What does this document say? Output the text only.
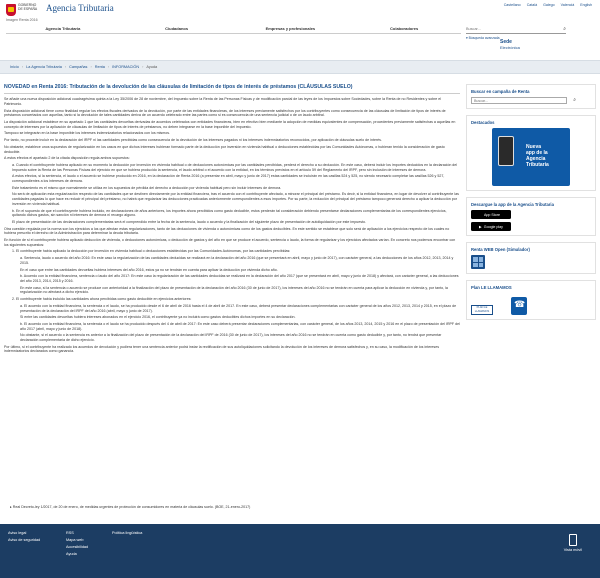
GOBIERNO
DE ESPAÑA Agencia Tributaria
Imagen Renta 2016
Castellano Català Galego Valencià English
Agencia Tributaria	Ciudadanos	Empresas y profesionales	Colaboradores	Buscar...	⌕
▾ Búsqueda avanzada
Sede
Electrónica
Inicio › La Agencia Tributaria › Campañas › Renta › INFORMACIÓN › Ayuda
NOVEDAD en Renta 2016: Tributación de la devolución de las cláusulas de limitación de tipos de interés de préstamos (CLÁUSULAS SUELO)

Se añade una nueva disposición adicional cuadragésima quinta a la Ley 35/2006 de 28 de noviembre, del Impuesto sobre la Renta de las Personas Físicas y de modificación parcial de las leyes de los Impuestos sobre Sociedades, sobre la Renta de no Residentes y sobre el Patrimonio.

Esta disposición adicional tiene como finalidad regular los efectos fiscales derivados de la devolución, por parte de las entidades financieras, de los intereses previamente satisfechos por los contribuyentes como consecuencia de las cláusulas de limitación de tipos de interés de préstamos concertados con aquellas, tanto si la devolución de tales cantidades deriva de un acuerdo celebrado entre las partes como si es consecuencia de una sentencia judicial o de un laudo arbitral.

La disposición adicional establece en su apartado 1 que las cantidades devueltas derivadas de acuerdos celebrados con entidades financieras, bien en efectivo bien mediante la adopción de medidas equivalentes de compensación, procedentes previamente satisfechas a aquellas en concepto de intereses por la aplicación de cláusulas de limitación de tipos de interés de préstamos, no deben integrarse en la base imponible del impuesto.

Tampoco se integrarán en la base imponible los intereses indemnizatorios relacionados con los mismos.

Por tanto, no procede incluir en la declaración del IRPF ni las cantidades percibidas como consecuencia de la devolución de los intereses pagados ni los intereses indemnizatorios reconocidos, por aplicación de cláusulas suelo de interés.

No obstante, establece unos supuestos de regularización en los casos en que dichos intereses hubieran formado parte de la deducción por inversión en vivienda habitual o deducciones establecidas por las Comunidades Autónomas, o hubieran tenido la consideración de gasto deducible.

A estos efectos el apartado 2 de la citada disposición regula ambos supuestos:

a. Cuando el contribuyente hubiera aplicado en su momento la deducción por inversión en vivienda habitual o de deducciones autonómicas por las cantidades percibidas, perderá el derecho a su deducción. En este caso, deberá incluir los importes deducidos en la declaración del Impuesto sobre la Renta de las Personas Físicas del ejercicio en que se hubiera producido la sentencia, el laudo arbitral o el acuerdo con la entidad, en los términos previstos en el artículo 59 del Reglamento del IRPF, pero sin inclusión de intereses de demora.

A estos efectos, si la sentencia, el laudo o el acuerdo se hubiese producido en 2016, en la declaración de Renta 2016 (a presentar en abril, mayo y junio de 2017) estas cantidades se incluirán en las casillas 524 y 525, no siendo necesario completar las casillas 526 y 527, correspondientes a los intereses de demora.

Este tratamiento es el mismo que normalmente se utiliza en los supuestos de pérdida del derecho a deducción por vivienda habitual pero sin incluir intereses de demora.

No será de aplicación esta regularización respecto de las cantidades que se destinen directamente por la entidad financiera, tras el acuerdo con el contribuyente afectado, a minorar el principal del préstamo. Es decir, si la entidad financiera, en lugar de devolver al contribuyente las cantidades pagadas lo que hace es reducir el principal del préstamo, no habrá que regularizar las deducciones practicadas anteriormente correspondientes a esos importes. Por su parte, la reducción del principal del préstamo tampoco generará derecho a aplicar la deducción por inversión en vivienda habitual.

b. En el supuesto de que el contribuyente hubiera incluido, en declaraciones de años anteriores, los importes ahora percibidos como gasto deducible, estos perderán tal consideración debiendo presentarse declaraciones complementarias de los correspondientes ejercicios, quitando dichos gastos, sin sanción ni intereses de demora ni recargo alguno.

El plazo de presentación de las declaraciones complementarias será el comprendido entre la fecha de la sentencia, laudo o acuerdo y la finalización del siguiente plazo de presentación de autoliquidación por este impuesto.

Otra cuestión regulada por la norma son los ejercicios a los que afectan estas regularizaciones, tanto de las deducciones de vivienda o autonómicas como de los gastos deducibles. En este sentido se establece que solo será de aplicación a los ejercicios respecto de los cuales no hubiera prescrito el derecho de la Administración para determinar la deuda tributaria.

En función de si el contribuyente hubiera aplicado deducción de vivienda, o deducciones autonómicas, o deducción de gastos y del año en que se produce el acuerdo, sentencia o laudo, la forma de regularizar y los ejercicios afectados varían. En concreto nos podemos encontrar con los siguientes supuestos:

1. El contribuyente había aplicado la deducción por inversión en vivienda habitual o deducciones establecidas por las Comunidades Autónomas, por las cantidades percibidas:

a. Sentencia, laudo o acuerdo del año 2016: En este caso la regularización de las cantidades deducidas se realizará en la declaración del año 2016 (que se presentará en abril, mayo y junio de 2017), con carácter general, a las deducciones de los años 2012, 2013, 2014 y 2015.

En el caso que entre las cantidades devueltas hubiera intereses del año 2016, estos ya no se tendrán en cuenta para aplicar la deducción por vivienda dicho año.

b. Acuerdo con la entidad financiera, sentencia o laudo del año 2017: En este caso la regularización de las cantidades deducidas se realizará en la declaración del año 2017 (que se presentará en abril, mayo y junio de 2018) y afectará, con carácter general, a las deducciones del año 2013, 2014, 2015 y 2016.

En este caso, si la sentencia o acuerdo se produce con anterioridad a la finalización del plazo de presentación de la declaración del año 2016 (30 de junio de 2017), los intereses del año 2016 no se tendrán en cuenta para aplicar la deducción en vivienda y, por tanto, la regularización no afectará a dicho ejercicio.

2. El contribuyente había incluido las cantidades ahora percibidas como gasto deducible en ejercicios anteriores:

a. El acuerdo con la entidad financiera, la sentencia o el laudo, se ha producido desde el 6 de abril de 2016 hasta el 4 de abril de 2017. En este caso, deberá presentar declaraciones complementarias con carácter general de los años 2012, 2013, 2014 y 2015, en el plazo de presentación de la declaración del IRPF del año 2016 (abril, mayo y junio de 2017).

Si entre las cantidades devueltas hubiera intereses abonados en el ejercicio 2016, el contribuyente ya no incluirá como gastos deducibles dichos importes en su declaración.

b. El acuerdo con la entidad financiera, la sentencia o el laudo se ha producido después del 4 de abril de 2017: En este caso deberá presentar declaraciones complementarias, con carácter general, de los años 2013, 2014, 2015 y 2016 en el plazo de presentación del IRPF del año 2017 (abril, mayo y junio de 2018).

No obstante, si el acuerdo o la sentencia es anterior a la finalización del plazo de presentación de la declaración del IRPF de 2016 (30 de junio de 2017), los intereses del año 2016 no se tendrán en cuenta como gasto deducible y, por tanto, no tendrá que presentar declaración complementaria de dicho ejercicio.

Por último, si el contribuyente ha realizado los acuerdos de devolución y pudiera tener una sentencia anterior podrá instar la rectificación de sus autoliquidaciones solicitando la devolución de los intereses de demora satisfechos y, en su caso, la modificación de los intereses indemnizatorios declarados como ganancia.

▸ Real Decreto-ley 1/2017, de 20 de enero, de medidas urgentes de protección de consumidores en materia de cláusulas suelo. (BOE, 21-enero-2017)
Buscar en campaña de Renta
Buscar...	⌕
Destacados
Nueva
app de la
Agencia
Tributaria
Descargue la app de la Agencia Tributaria
App Store
▶ Google play
Renta WEB Open (Simulador)
Plan LE LLAMAMOS
PLAN LE LLAMAMOS
☎
Aviso legal
Aviso de seguridad
RSS
Mapa web
Accesibilidad
Ayuda
Política lingüística
Vista móvil
